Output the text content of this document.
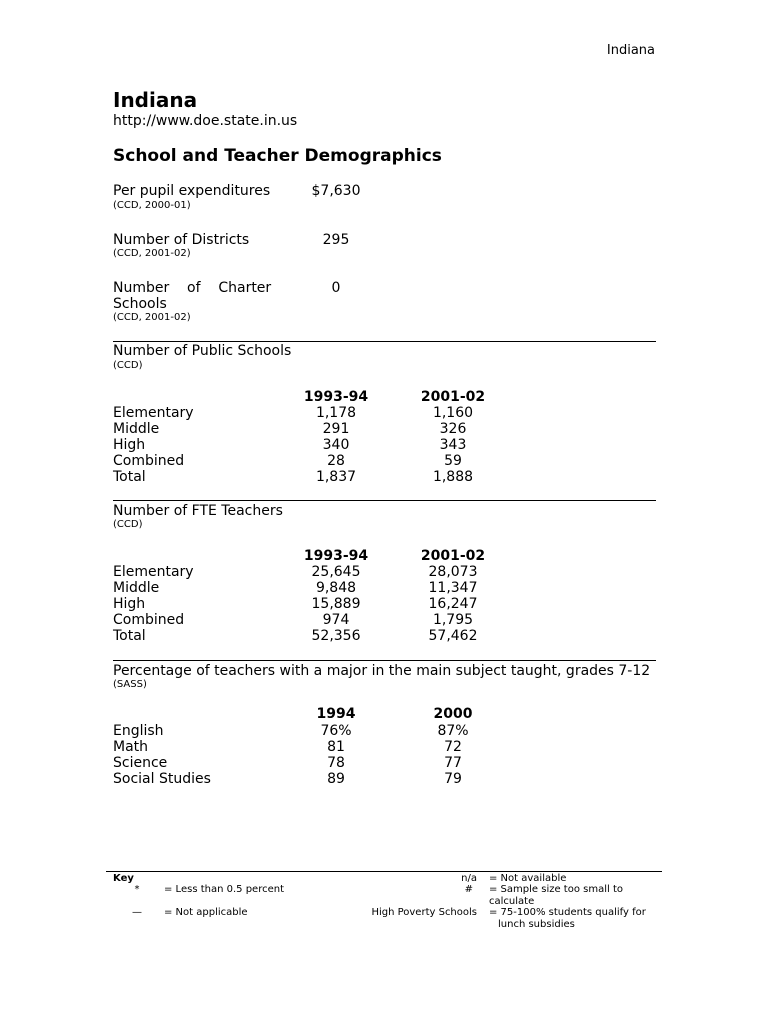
Indiana
Indiana
http://www.doe.state.in.us
School and Teacher Demographics
Per pupil expenditures	$7,630
(CCD, 2000-01)
Number of Districts	295
(CCD, 2001-02)
Number    of    Charter
Schools
0
(CCD, 2001-02)
Number of Public Schools
(CCD)
1993-94	2001-02
Elementary	1,178	1,160
Middle	291	326
High	340	343
Combined	28	59
Total	1,837	1,888
Number of FTE Teachers
(CCD)
1993-94	2001-02
Elementary	25,645	28,073
Middle	9,848	11,347
High	15,889	16,247
Combined	974	1,795
Total	52,356	57,462
Percentage of teachers with a major in the main subject taught, grades 7-12
(SASS)
1994	2000
English	76%	87%
Math	81	72
Science	78	77
Social Studies	89	79
Key
*	= Less than 0.5 percent
—	= Not applicable
n/a = Not available
# = Sample size too small to
calculate
High Poverty Schools = 75-100% students qualify for
lunch subsidies
